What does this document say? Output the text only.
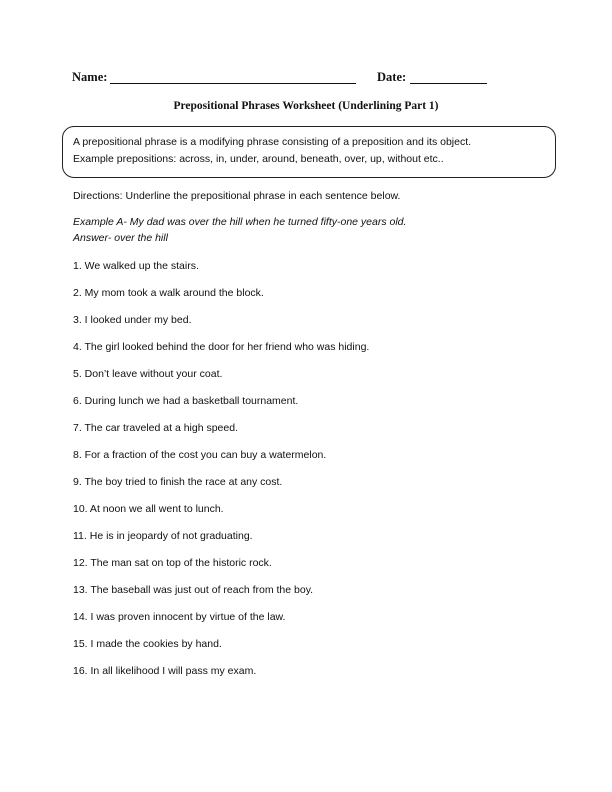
Name:	Date:
Prepositional Phrases Worksheet (Underlining Part 1)
A prepositional phrase is a modifying phrase consisting of a preposition and its object.
Example prepositions: across, in, under, around, beneath, over, up, without etc..
Directions: Underline the prepositional phrase in each sentence below.
Example A- My dad was over the hill when he turned fifty-one years old.
Answer- over the hill
1. We walked up the stairs.
2. My mom took a walk around the block.
3. I looked under my bed.
4. The girl looked behind the door for her friend who was hiding.
5. Don’t leave without your coat.
6. During lunch we had a basketball tournament.
7. The car traveled at a high speed.
8. For a fraction of the cost you can buy a watermelon.
9. The boy tried to finish the race at any cost.
10. At noon we all went to lunch.
11. He is in jeopardy of not graduating.
12. The man sat on top of the historic rock.
13. The baseball was just out of reach from the boy.
14. I was proven innocent by virtue of the law.
15. I made the cookies by hand.
16. In all likelihood I will pass my exam.
